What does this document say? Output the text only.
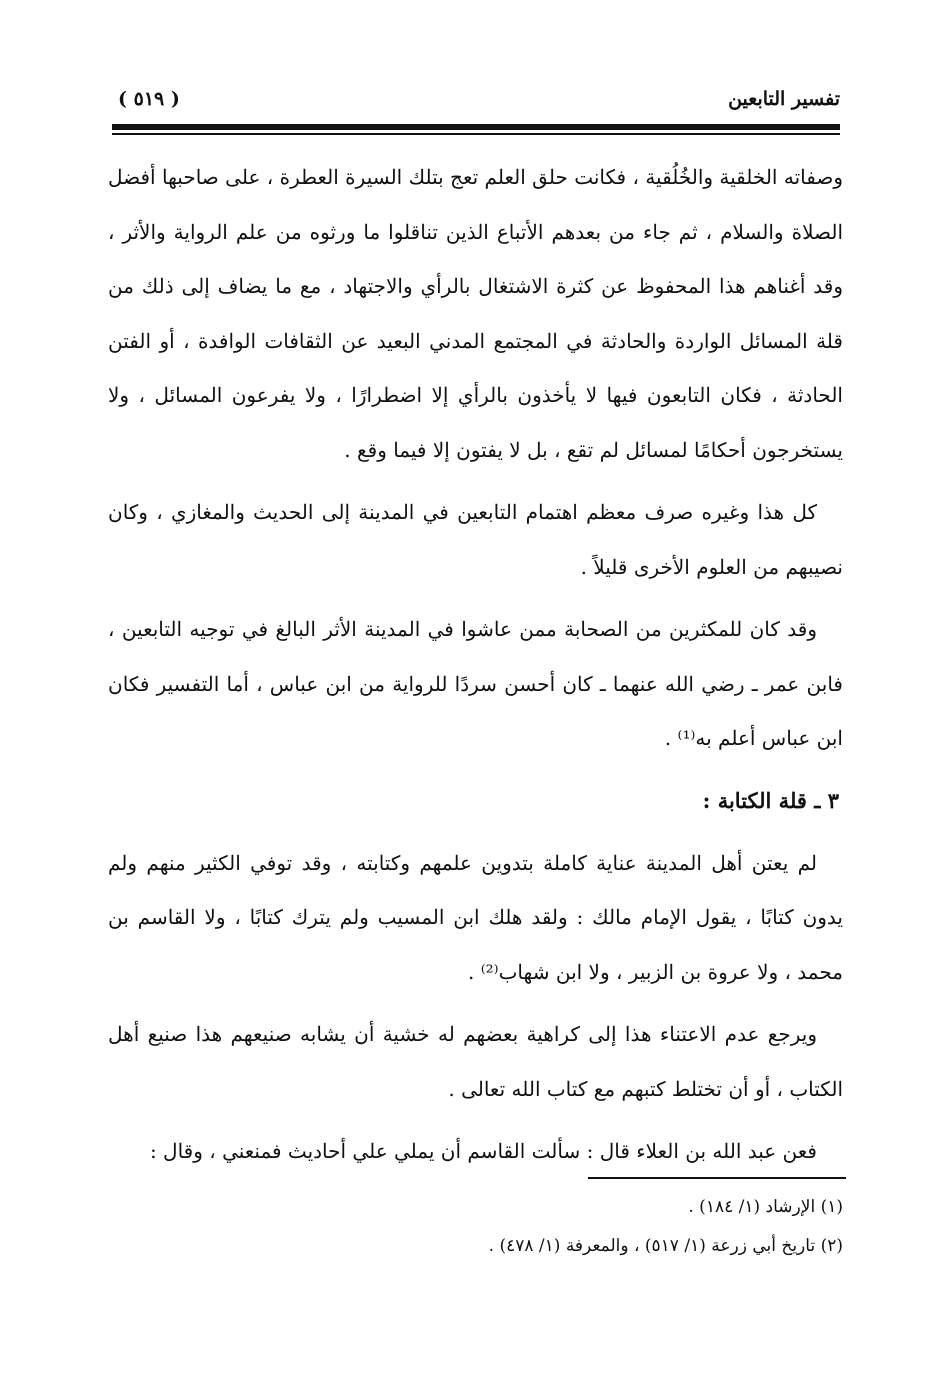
تفسير التابعين
( ٥١٩ )

وصفاته الخلقية والخُلُقية ، فكانت حلق العلم تعج بتلك السيرة العطرة ، على صاحبها أفضل الصلاة والسلام ، ثم جاء من بعدهم الأتباع الذين تناقلوا ما ورثوه من علم الرواية والأثر ، وقد أغناهم هذا المحفوظ عن كثرة الاشتغال بالرأي والاجتهاد ، مع ما يضاف إلى ذلك من قلة المسائل الواردة والحادثة في المجتمع المدني البعيد عن الثقافات الوافدة ، أو الفتن الحادثة ، فكان التابعون فيها لا يأخذون بالرأي إلا اضطرارًا ، ولا يفرعون المسائل ، ولا يستخرجون أحكامًا لمسائل لم تقع ، بل لا يفتون إلا فيما وقع .

كل هذا وغيره صرف معظم اهتمام التابعين في المدينة إلى الحديث والمغازي ، وكان نصيبهم من العلوم الأخرى قليلاً .

وقد كان للمكثرين من الصحابة ممن عاشوا في المدينة الأثر البالغ في توجيه التابعين ، فابن عمر ـ رضي الله عنهما ـ كان أحسن سردًا للرواية من ابن عباس ، أما التفسير فكان ابن عباس أعلم به⁽¹⁾ .

٣ ـ قلة الكتابة :

لم يعتن أهل المدينة عناية كاملة بتدوين علمهم وكتابته ، وقد توفي الكثير منهم ولم يدون كتابًا ، يقول الإمام مالك : ولقد هلك ابن المسيب ولم يترك كتابًا ، ولا القاسم بن محمد ، ولا عروة بن الزبير ، ولا ابن شهاب⁽²⁾ .

ويرجع عدم الاعتناء هذا إلى كراهية بعضهم له خشية أن يشابه صنيعهم هذا صنيع أهل الكتاب ، أو أن تختلط كتبهم مع كتاب الله تعالى .

فعن عبد الله بن العلاء قال : سألت القاسم أن يملي علي أحاديث فمنعني ، وقال :

(١) الإرشاد (١/ ١٨٤) .

(٢) تاريخ أبي زرعة (١/ ٥١٧) ، والمعرفة (١/ ٤٧٨) .
